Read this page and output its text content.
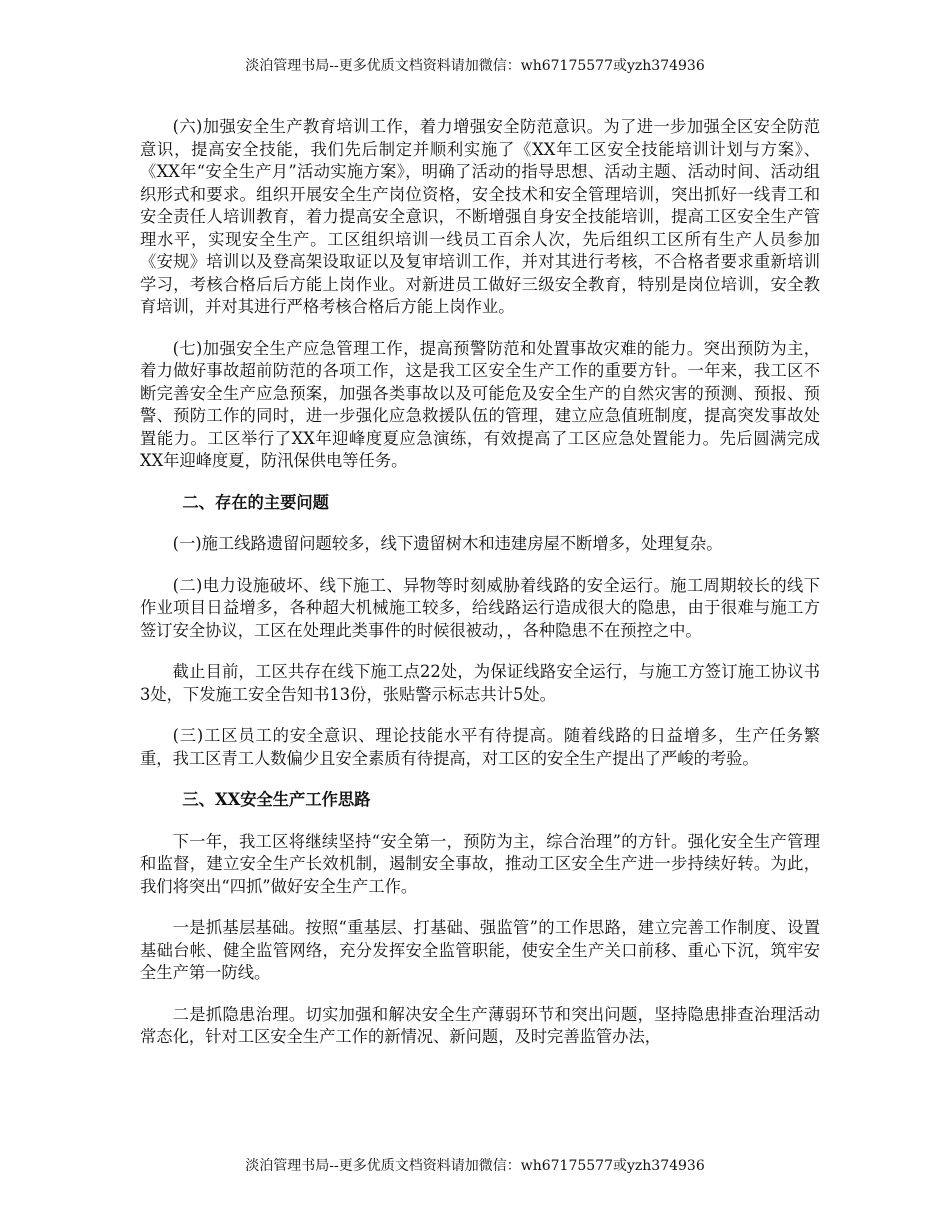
淡泊管理书局--更多优质文档资料请加微信：wh67175577或yzh374936

(六)加强安全生产教育培训工作，着力增强安全防范意识。为了进一步加强全区安全防范意识，提高安全技能，我们先后制定并顺利实施了《XX年工区安全技能培训计划与方案》、《XX年“安全生产月”活动实施方案》，明确了活动的指导思想、活动主题、活动时间、活动组织形式和要求。组织开展安全生产岗位资格，安全技术和安全管理培训，突出抓好一线青工和安全责任人培训教育，着力提高安全意识，不断增强自身安全技能培训，提高工区安全生产管理水平，实现安全生产。工区组织培训一线员工百余人次，先后组织工区所有生产人员参加《安规》培训以及登高架设取证以及复审培训工作，并对其进行考核，不合格者要求重新培训学习，考核合格后后方能上岗作业。对新进员工做好三级安全教育，特别是岗位培训，安全教育培训，并对其进行严格考核合格后方能上岗作业。

(七)加强安全生产应急管理工作，提高预警防范和处置事故灾难的能力。突出预防为主，着力做好事故超前防范的各项工作，这是我工区安全生产工作的重要方针。一年来，我工区不断完善安全生产应急预案，加强各类事故以及可能危及安全生产的自然灾害的预测、预报、预警、预防工作的同时，进一步强化应急救援队伍的管理，建立应急值班制度，提高突发事故处置能力。工区举行了XX年迎峰度夏应急演练，有效提高了工区应急处置能力。先后圆满完成XX年迎峰度夏，防汛保供电等任务。

二、存在的主要问题

(一)施工线路遗留问题较多，线下遗留树木和违建房屋不断增多，处理复杂。

(二)电力设施破坏、线下施工、异物等时刻威胁着线路的安全运行。施工周期较长的线下作业项目日益增多，各种超大机械施工较多，给线路运行造成很大的隐患，由于很难与施工方签订安全协议，工区在处理此类事件的时候很被动，，各种隐患不在预控之中。

截止目前，工区共存在线下施工点22处，为保证线路安全运行，与施工方签订施工协议书3处，下发施工安全告知书13份，张贴警示标志共计5处。

(三)工区员工的安全意识、理论技能水平有待提高。随着线路的日益增多，生产任务繁重，我工区青工人数偏少且安全素质有待提高，对工区的安全生产提出了严峻的考验。

三、XX安全生产工作思路

下一年，我工区将继续坚持“安全第一，预防为主，综合治理”的方针。强化安全生产管理和监督，建立安全生产长效机制，遏制安全事故，推动工区安全生产进一步持续好转。为此，我们将突出“四抓”做好安全生产工作。

一是抓基层基础。按照“重基层、打基础、强监管”的工作思路，建立完善工作制度、设置基础台帐、健全监管网络，充分发挥安全监管职能，使安全生产关口前移、重心下沉，筑牢安全生产第一防线。

二是抓隐患治理。切实加强和解决安全生产薄弱环节和突出问题，坚持隐患排查治理活动常态化，针对工区安全生产工作的新情况、新问题，及时完善监管办法，

淡泊管理书局--更多优质文档资料请加微信：wh67175577或yzh374936
